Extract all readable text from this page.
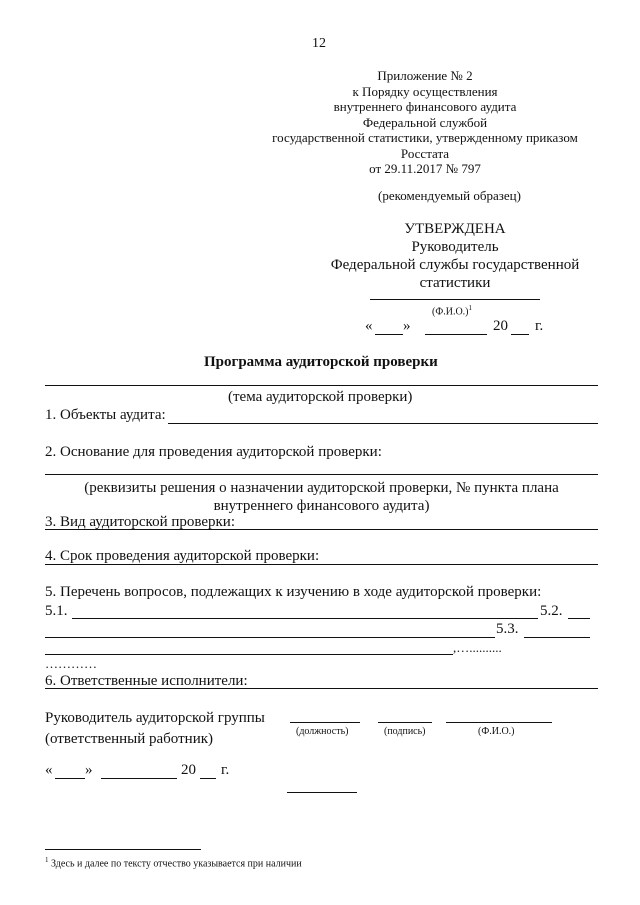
12
Приложение № 2
к Порядку осуществления
внутреннего финансового аудита
Федеральной службой
государственной статистики, утвержденному приказом
Росстата
от 29.11.2017 № 797
(рекомендуемый образец)
УТВЕРЖДЕНА
Руководитель
Федеральной службы государственной
статистики
$(Ф.И.О.)^1$
« »	20 г.
Программа аудиторской проверки
(тема аудиторской проверки)
1. Объекты аудита:
2. Основание для проведения аудиторской проверки:
(реквизиты решения о назначении аудиторской проверки, № пункта плана
внутреннего финансового аудита)
3. Вид аудиторской проверки:
4. Срок проведения аудиторской проверки:
5. Перечень вопросов, подлежащих к изучению в ходе аудиторской проверки:
5.1.	5.2.
5.3.
,…..........
…………
6. Ответственные исполнители:
Руководитель аудиторской группы
(ответственный работник)	(должность)	(подпись)	(Ф.И.О.)
« »	20 г.
$^1$ Здесь и далее по тексту отчество указывается при наличии
